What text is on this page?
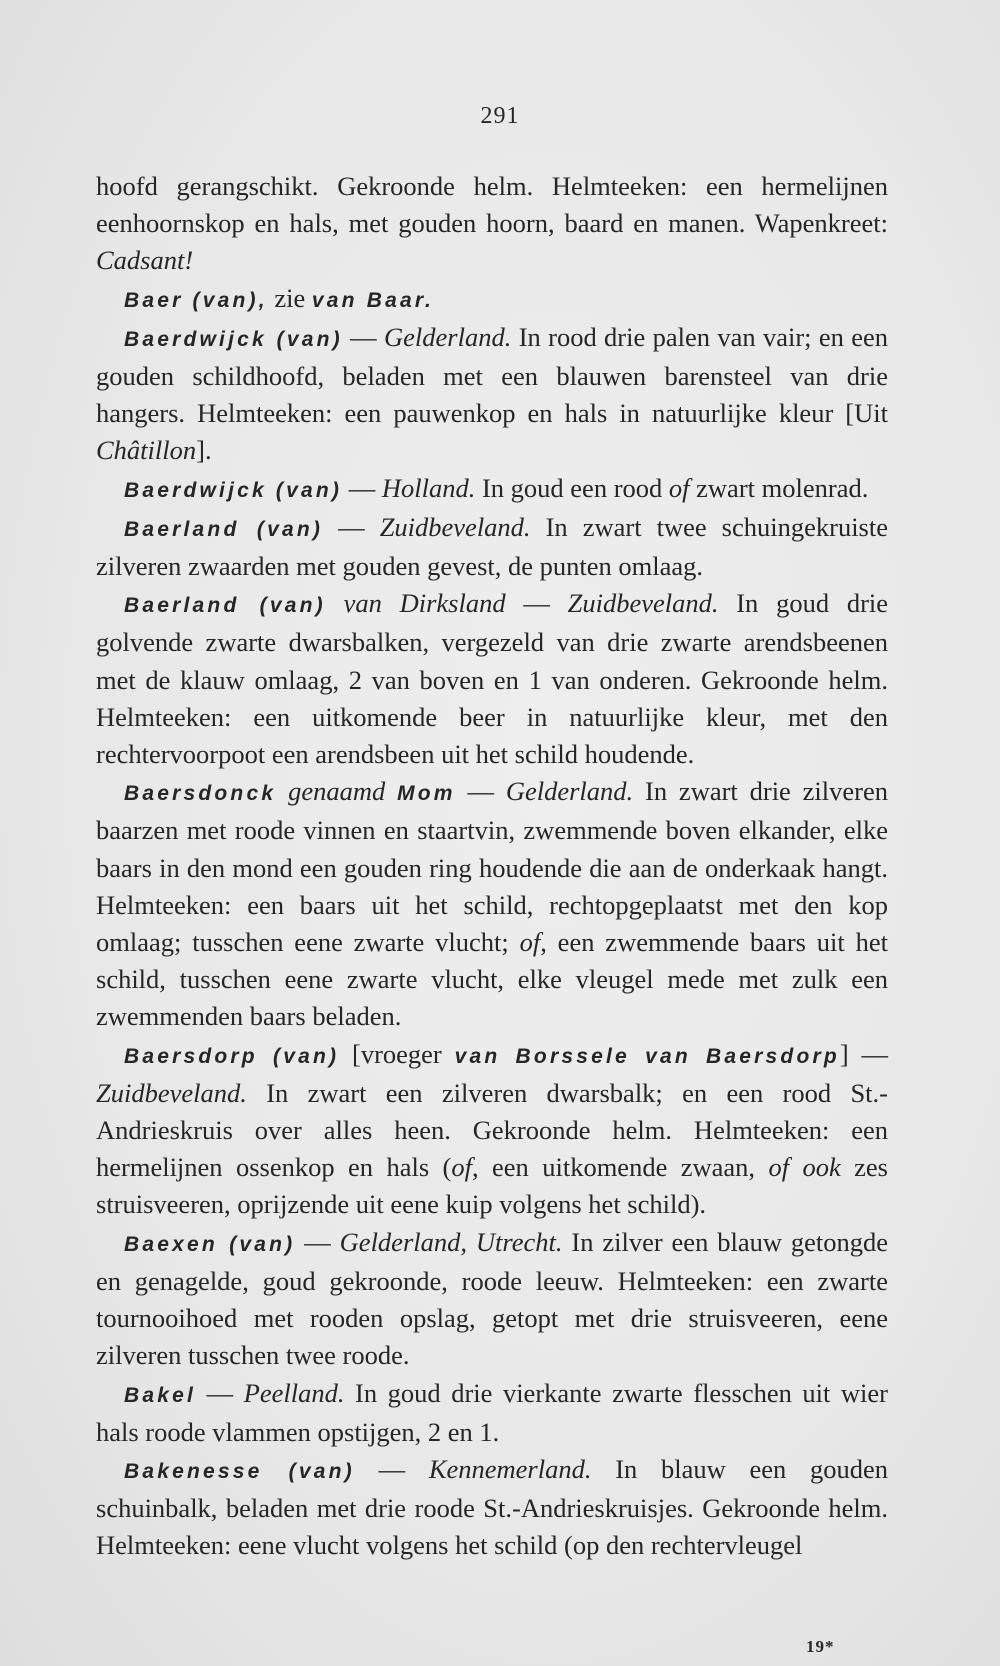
291

hoofd gerangschikt. Gekroonde helm. Helmteeken: een hermelijnen eenhoornskop en hals, met gouden hoorn, baard en manen. Wapenkreet: Cadsant!

Baer (van), zie van Baar.

Baerdwijck (van) — Gelderland. In rood drie palen van vair; en een gouden schildhoofd, beladen met een blauwen barensteel van drie hangers. Helmteeken: een pauwenkop en hals in natuurlijke kleur [Uit Châtillon].

Baerdwijck (van) — Holland. In goud een rood of zwart molenrad.

Baerland (van) — Zuidbeveland. In zwart twee schuingekruiste zilveren zwaarden met gouden gevest, de punten omlaag.

Baerland (van) van Dirksland — Zuidbeveland. In goud drie golvende zwarte dwarsbalken, vergezeld van drie zwarte arendsbeenen met de klauw omlaag, 2 van boven en 1 van onderen. Gekroonde helm. Helmteeken: een uitkomende beer in natuurlijke kleur, met den rechtervoorpoot een arendsbeen uit het schild houdende.

Baersdonck genaamd Mom — Gelderland. In zwart drie zilveren baarzen met roode vinnen en staartvin, zwemmende boven elkander, elke baars in den mond een gouden ring houdende die aan de onderkaak hangt. Helmteeken: een baars uit het schild, rechtopgeplaatst met den kop omlaag; tusschen eene zwarte vlucht; of, een zwemmende baars uit het schild, tusschen eene zwarte vlucht, elke vleugel mede met zulk een zwemmenden baars beladen.

Baersdorp (van) [vroeger van Borssele van Baersdorp] — Zuidbeveland. In zwart een zilveren dwarsbalk; en een rood St.-Andrieskruis over alles heen. Gekroonde helm. Helmteeken: een hermelijnen ossenkop en hals (of, een uitkomende zwaan, of ook zes struisveeren, oprijzende uit eene kuip volgens het schild).

Baexen (van) — Gelderland, Utrecht. In zilver een blauw getongde en genagelde, goud gekroonde, roode leeuw. Helmteeken: een zwarte tournooihoed met rooden opslag, getopt met drie struisveeren, eene zilveren tusschen twee roode.

Bakel — Peelland. In goud drie vierkante zwarte flesschen uit wier hals roode vlammen opstijgen, 2 en 1.

Bakenesse (van) — Kennemerland. In blauw een gouden schuinbalk, beladen met drie roode St.-Andrieskruisjes. Gekroonde helm. Helmteeken: eene vlucht volgens het schild (op den rechtervleugel

19*
